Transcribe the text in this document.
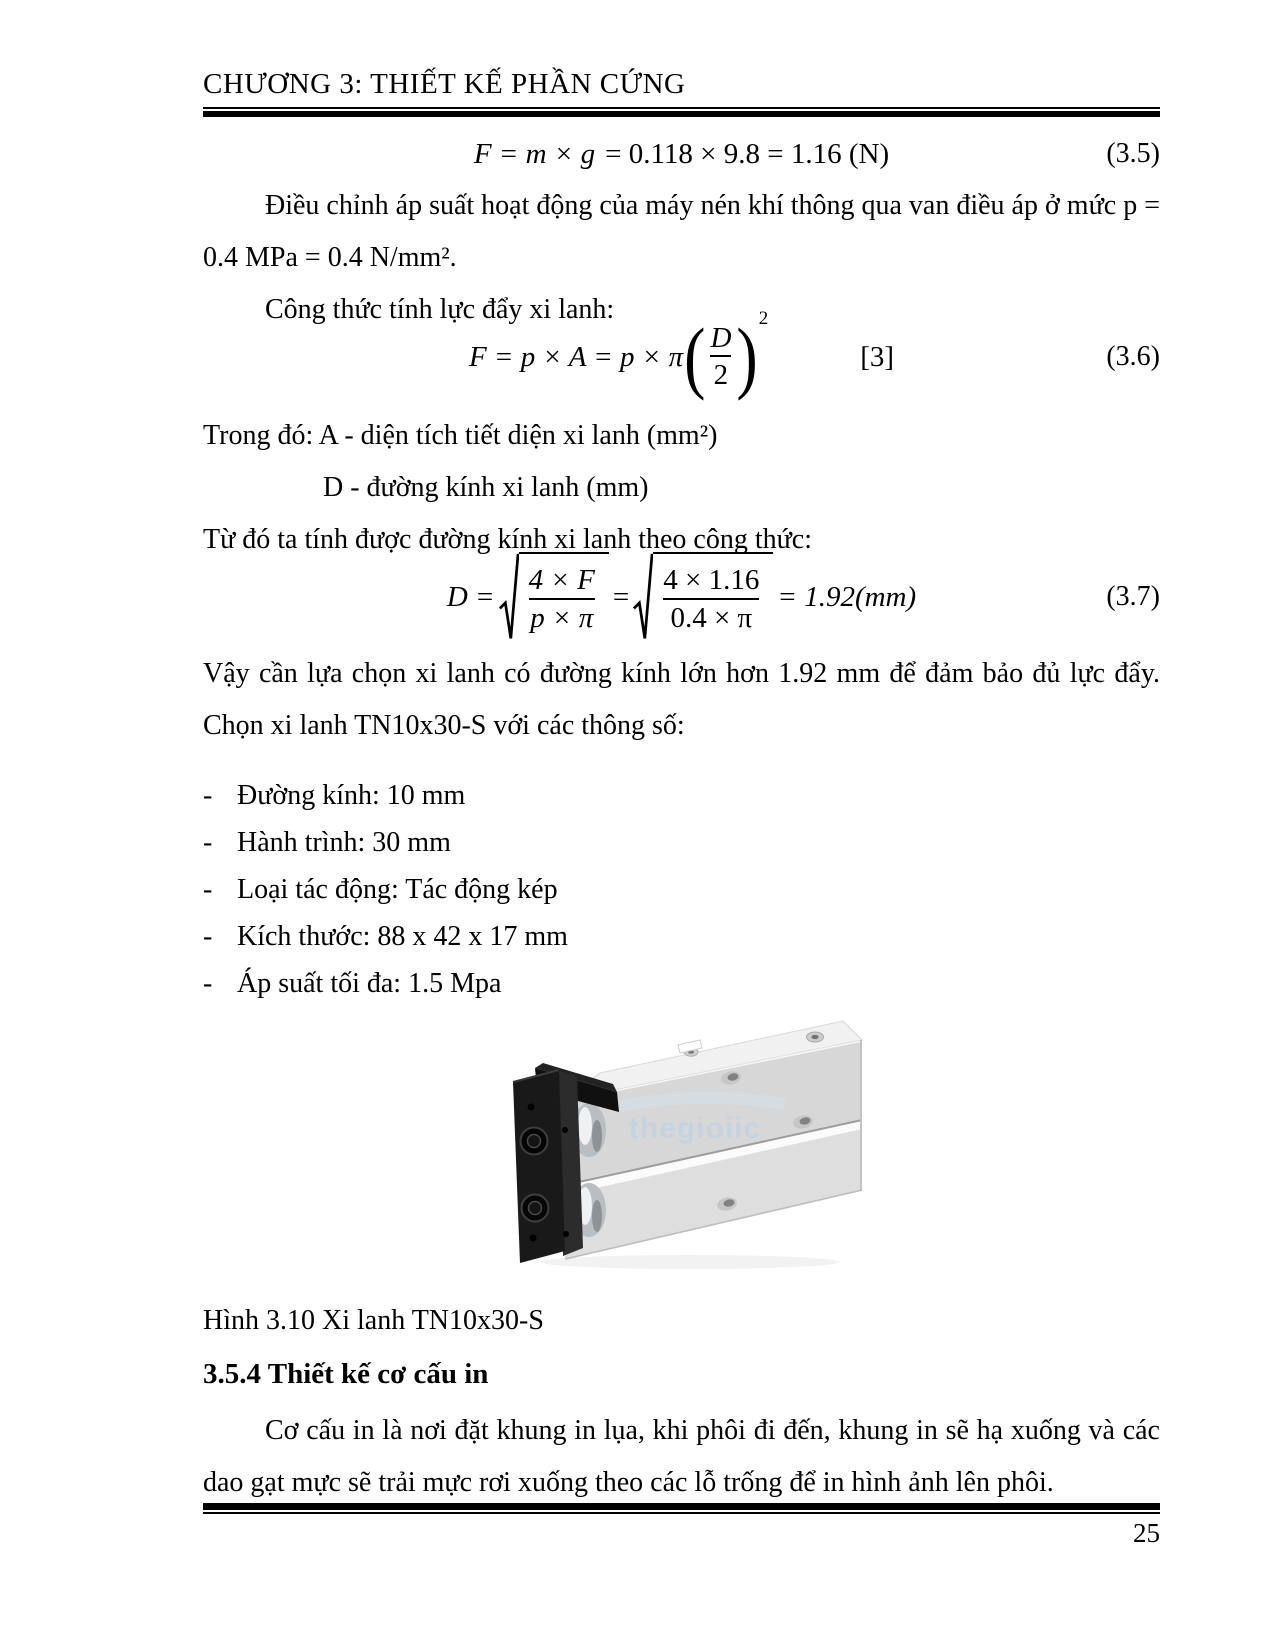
CHƯƠNG 3: THIẾT KẾ PHẦN CỨNG
F = m × g = 0.118 × 9.8 = 1.16 (N)	(3.5)

Điều chỉnh áp suất hoạt động của máy nén khí thông qua van điều áp ở mức p = 0.4 MPa = 0.4 N/mm².

Công thức tính lực đẩy xi lanh:

F = p × A = p × π ( $\frac{D}{2} )^2$
[3]	(3.6)

Trong đó: A - diện tích tiết diện xi lanh (mm²)

D - đường kính xi lanh (mm)

Từ đó ta tính được đường kính xi lanh theo công thức:

$D = \frac{4 \times F}{p \times \pi} = \frac{4 \times 1.16}{0.4 \times \pi} = 1.92(mm)$	(3.7)

Vậy cần lựa chọn xi lanh có đường kính lớn hơn 1.92 mm để đảm bảo đủ lực đẩy. Chọn xi lanh TN10x30-S với các thông số:

- Đường kính: 10 mm
- Hành trình: 30 mm
- Loại tác động: Tác động kép
- Kích thước: 88 x 42 x 17 mm
- Áp suất tối đa: 1.5 Mpa
thegioiic

Hình 3.10 Xi lanh TN10x30-S

3.5.4 Thiết kế cơ cấu in

Cơ cấu in là nơi đặt khung in lụa, khi phôi đi đến, khung in sẽ hạ xuống và các dao gạt mực sẽ trải mực rơi xuống theo các lỗ trống để in hình ảnh lên phôi.

25
